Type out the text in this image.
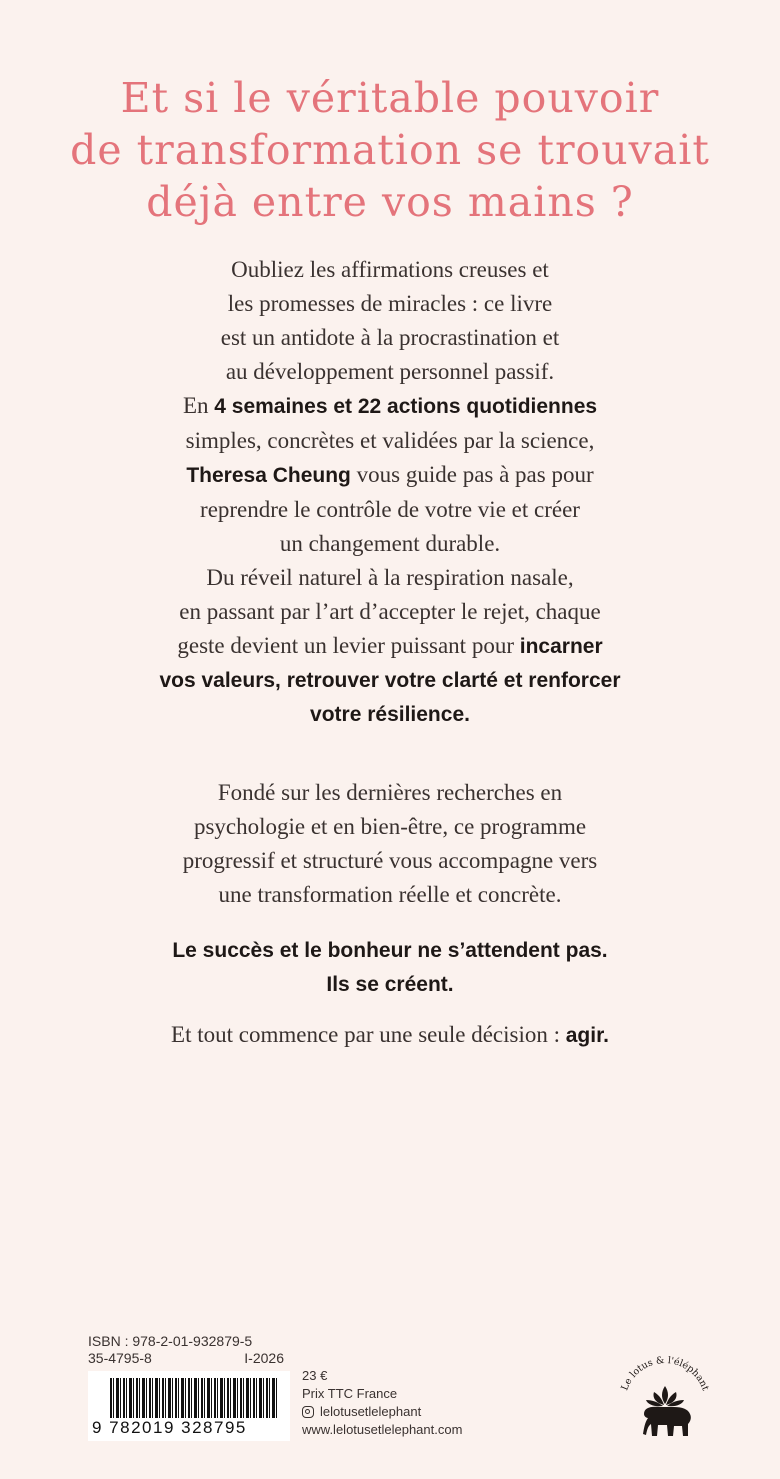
Et si le véritable pouvoir
de transformation se trouvait
déjà entre vos mains ?
Oubliez les affirmations creuses et
les promesses de miracles : ce livre
est un antidote à la procrastination et
au développement personnel passif.
En 4 semaines et 22 actions quotidiennes
simples, concrètes et validées par la science,
Theresa Cheung vous guide pas à pas pour
reprendre le contrôle de votre vie et créer
un changement durable.
Du réveil naturel à la respiration nasale,
en passant par l’art d’accepter le rejet, chaque
geste devient un levier puissant pour incarner
vos valeurs, retrouver votre clarté et renforcer
votre résilience.
Fondé sur les dernières recherches en
psychologie et en bien-être, ce programme
progressif et structuré vous accompagne vers
une transformation réelle et concrète.
Le succès et le bonheur ne s’attendent pas.
Ils se créent.
Et tout commence par une seule décision : agir.
ISBN : 978-2-01-932879-5
35-4795-8	I-2026
9 782019 328795
23 €
Prix TTC France
lelotusetlelephant
www.lelotusetlelephant.com
Le lotus & l'éléphant
